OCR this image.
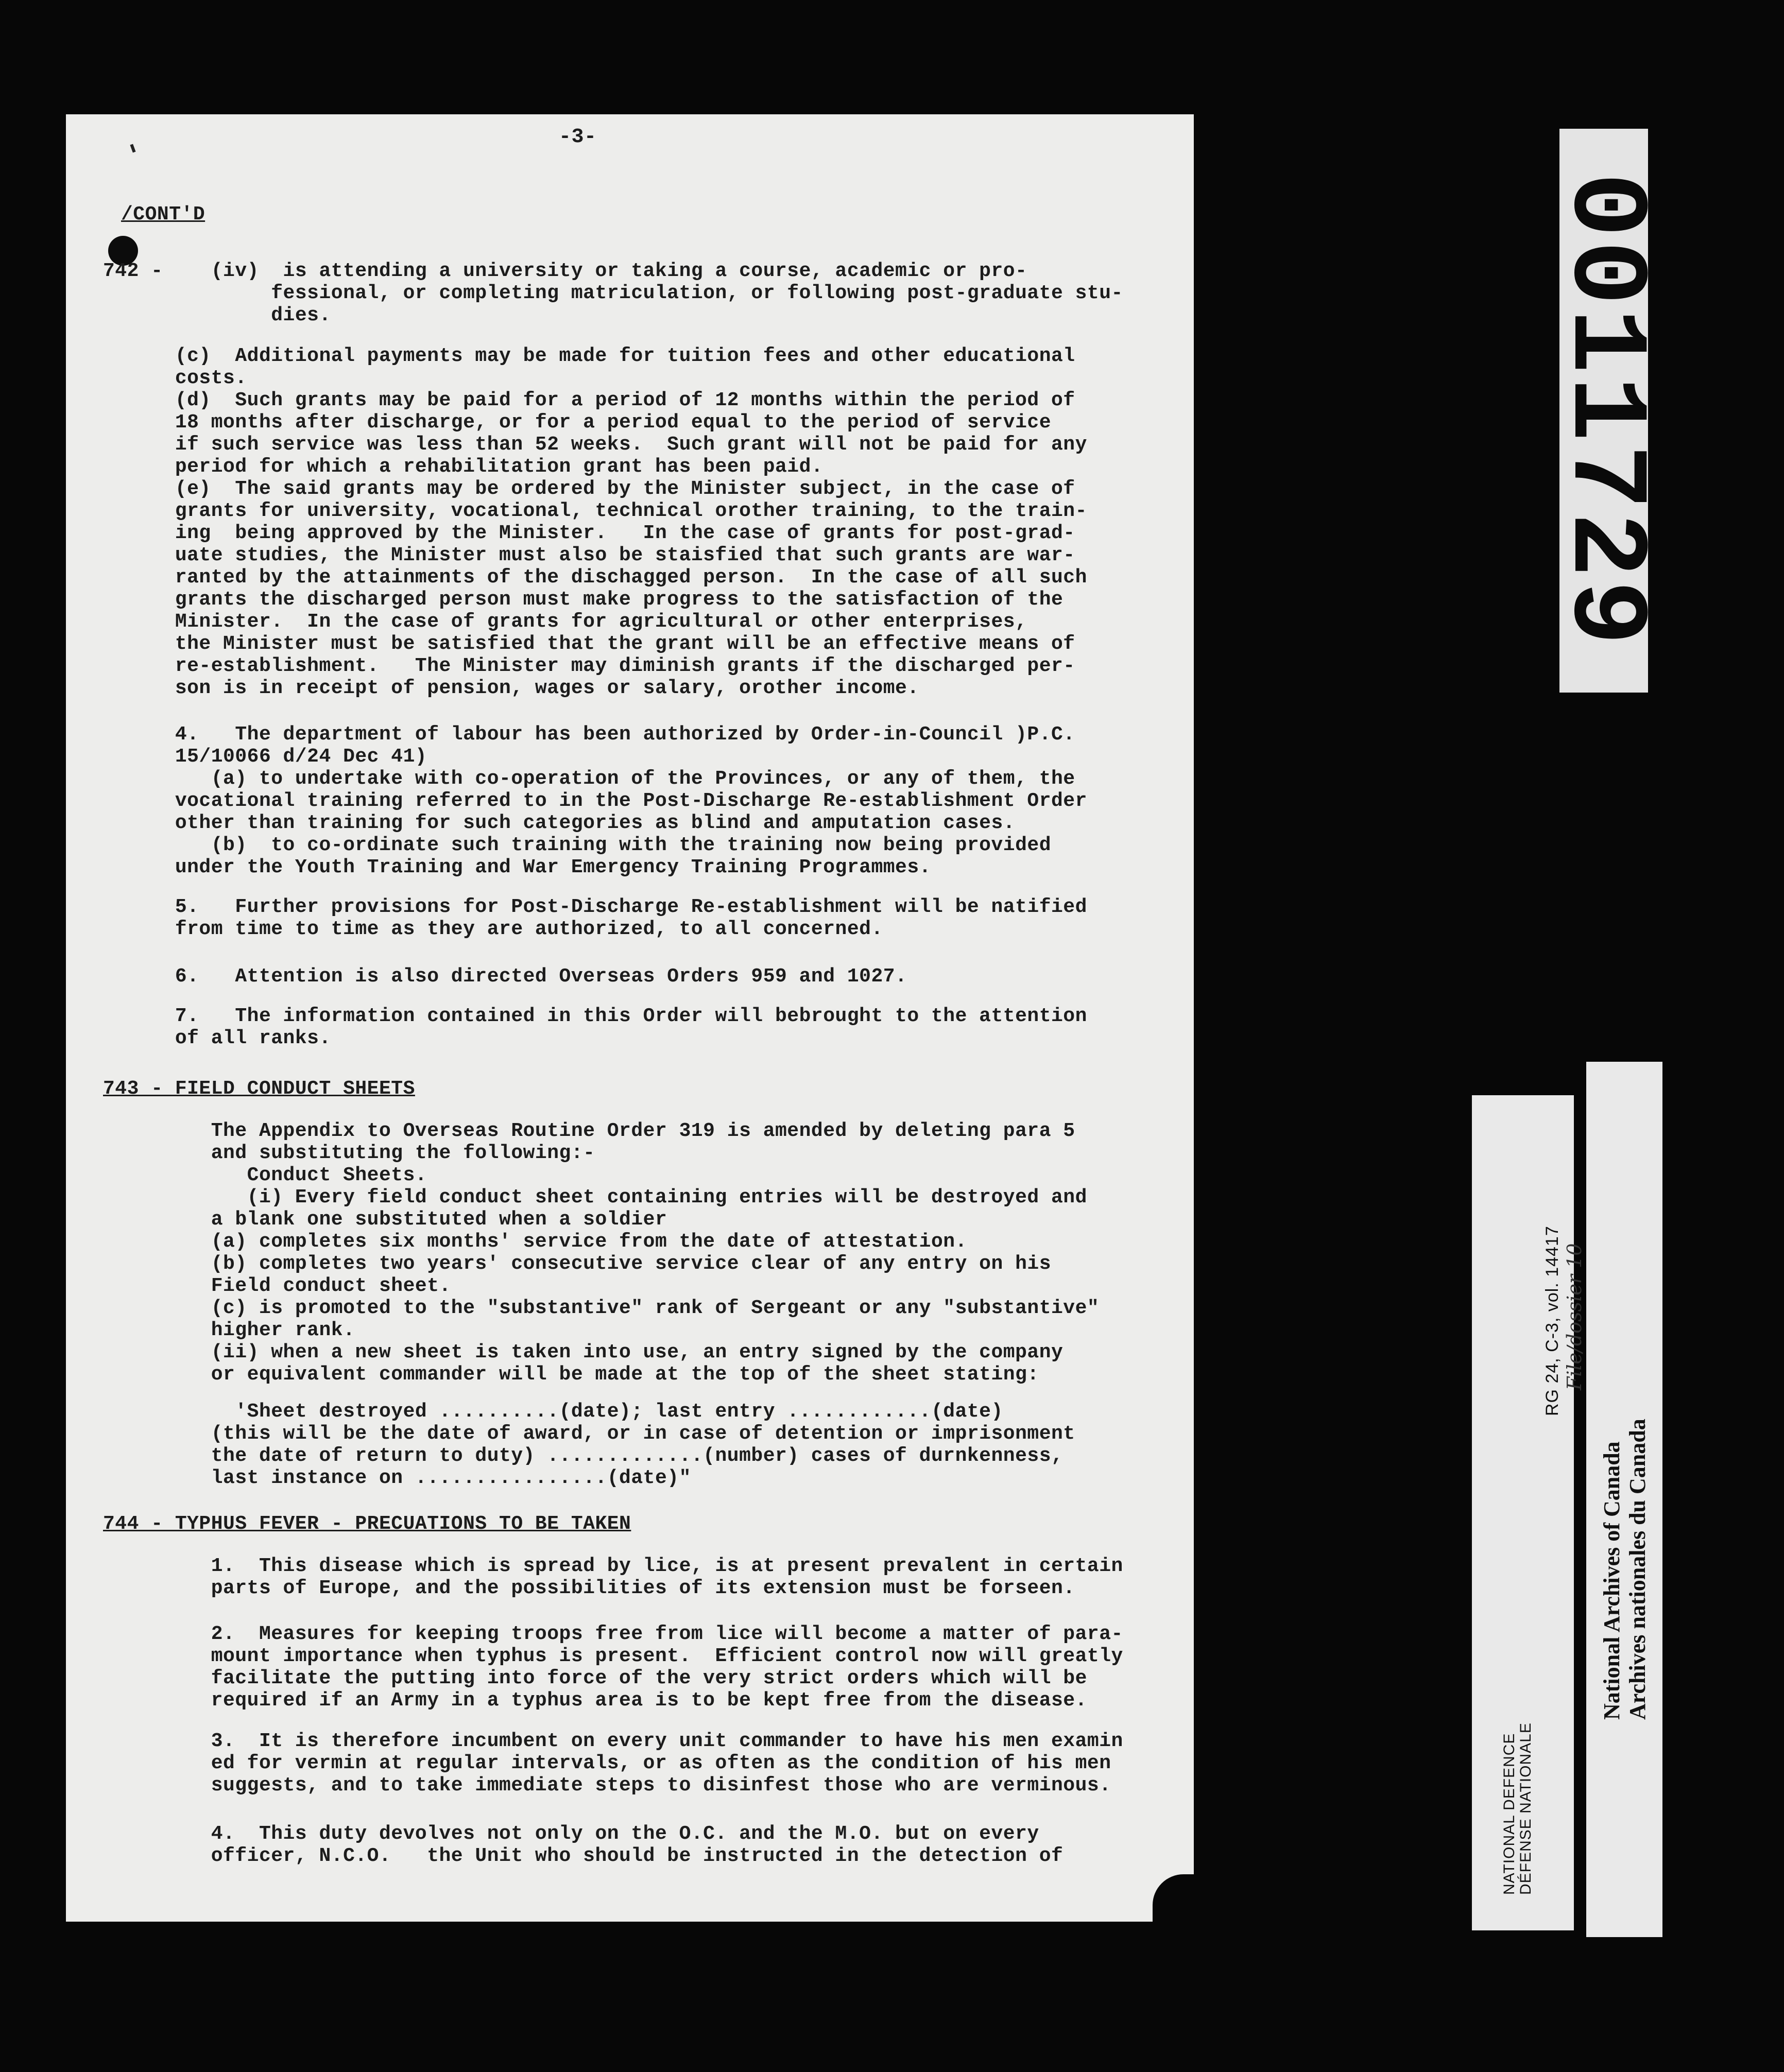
-3-
/CONT'D
742 -    (iv)  is attending a university or taking a course, academic or pro-
fessional, or completing matriculation, or following post-graduate stu-
dies.
(c)  Additional payments may be made for tuition fees and other educational
costs.
(d)  Such grants may be paid for a period of 12 months within the period of
18 months after discharge, or for a period equal to the period of service
if such service was less than 52 weeks.  Such grant will not be paid for any
period for which a rehabilitation grant has been paid.
(e)  The said grants may be ordered by the Minister subject, in the case of
grants for university, vocational, technical orother training, to the train-
ing  being approved by the Minister.   In the case of grants for post-grad-
uate studies, the Minister must also be staisfied that such grants are war-
ranted by the attainments of the dischagged person.  In the case of all such
grants the discharged person must make progress to the satisfaction of the
Minister.  In the case of grants for agricultural or other enterprises,
the Minister must be satisfied that the grant will be an effective means of
re-establishment.   The Minister may diminish grants if the discharged per-
son is in receipt of pension, wages or salary, orother income.
4.   The department of labour has been authorized by Order-in-Council )P.C.
15/10066 d/24 Dec 41)
(a) to undertake with co-operation of the Provinces, or any of them, the
vocational training referred to in the Post-Discharge Re-establishment Order
other than training for such categories as blind and amputation cases.
(b)  to co-ordinate such training with the training now being provided
under the Youth Training and War Emergency Training Programmes.
5.   Further provisions for Post-Discharge Re-establishment will be natified
from time to time as they are authorized, to all concerned.
6.   Attention is also directed Overseas Orders 959 and 1027.
7.   The information contained in this Order will bebrought to the attention
of all ranks.
The Appendix to Overseas Routine Order 319 is amended by deleting para 5
and substituting the following:-
Conduct Sheets.
(i) Every field conduct sheet containing entries will be destroyed and
a blank one substituted when a soldier
(a) completes six months' service from the date of attestation.
(b) completes two years' consecutive service clear of any entry on his
Field conduct sheet.
(c) is promoted to the "substantive" rank of Sergeant or any "substantive"
higher rank.
(ii) when a new sheet is taken into use, an entry signed by the company
or equivalent commander will be made at the top of the sheet stating:
'Sheet destroyed ..........(date); last entry ............(date)
(this will be the date of award, or in case of detention or imprisonment
the date of return to duty) .............(number) cases of durnkenness,
last instance on ................(date)"
1.  This disease which is spread by lice, is at present prevalent in certain
parts of Europe, and the possibilities of its extension must be forseen.
2.  Measures for keeping troops free from lice will become a matter of para-
mount importance when typhus is present.  Efficient control now will greatly
facilitate the putting into force of the very strict orders which will be
required if an Army in a typhus area is to be kept free from the disease.
3.  It is therefore incumbent on every unit commander to have his men examin
ed for vermin at regular intervals, or as often as the condition of his men
suggests, and to take immediate steps to disinfest those who are verminous.
4.  This duty devolves not only on the O.C. and the M.O. but on every
officer, N.C.O.   the Unit who should be instructed in the detection of
743 - FIELD CONDUCT SHEETS
744 - TYPHUS FEVER - PRECUATIONS TO BE TAKEN
0011729
NATIONAL DEFENCE
DÉFENSE NATIONALE
RG 24, C-3, vol. 14417 File/dossier 10
National Archives of Canada
Archives nationales du Canada
